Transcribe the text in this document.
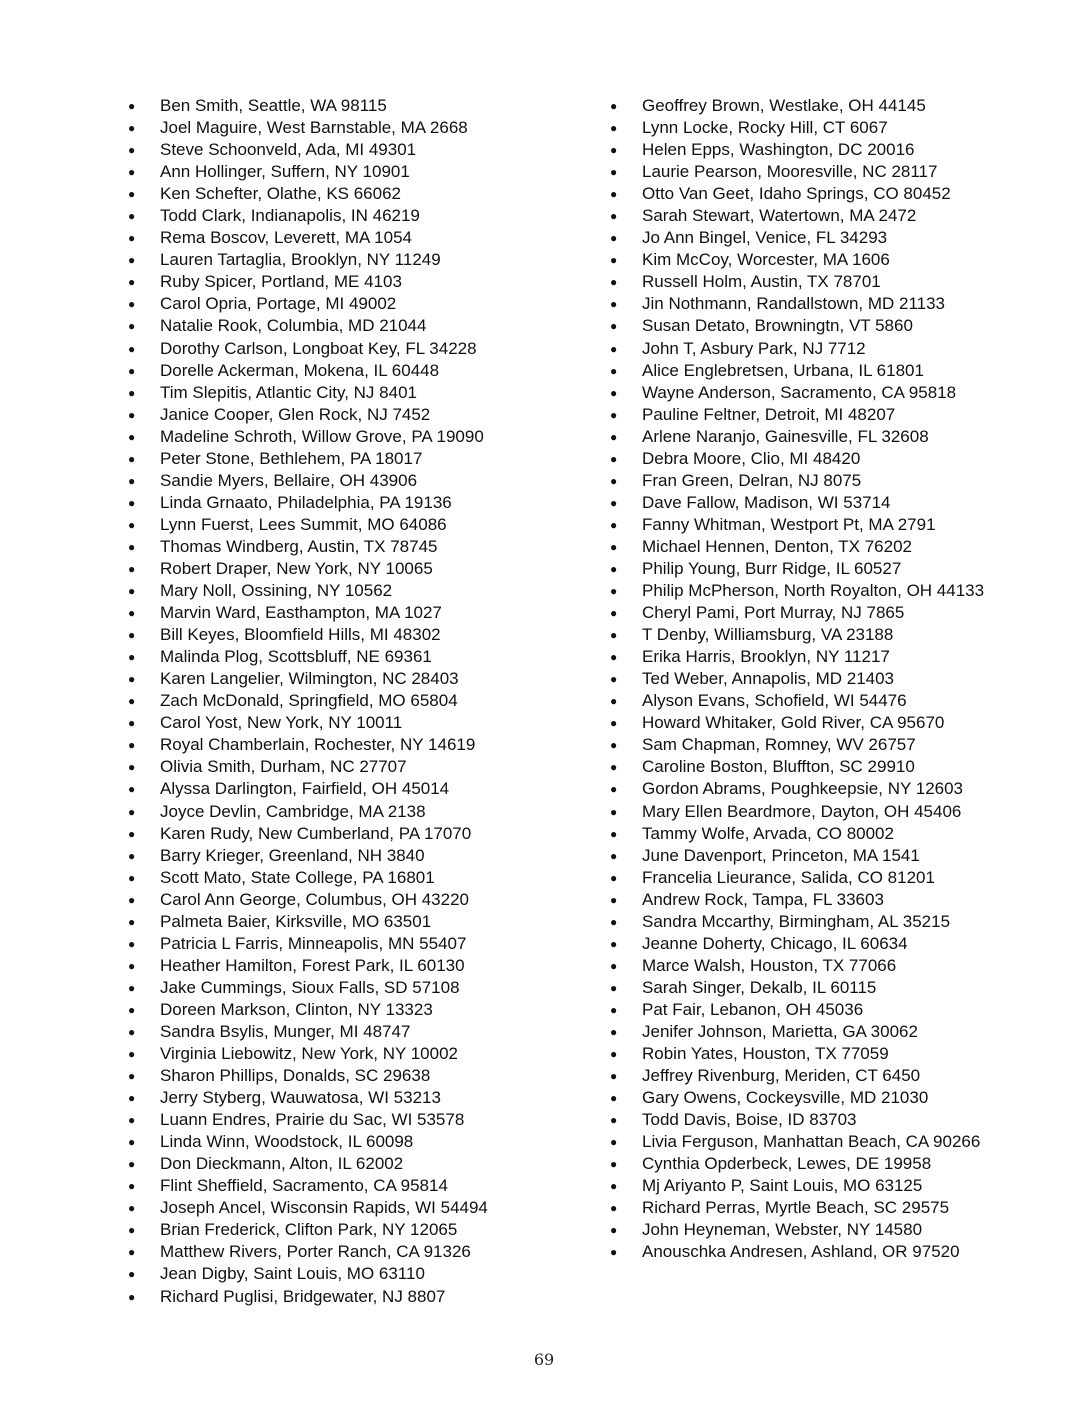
● Ben Smith, Seattle, WA 98115
● Joel Maguire, West Barnstable, MA 2668
● Steve Schoonveld, Ada, MI 49301
● Ann Hollinger, Suffern, NY 10901
● Ken Schefter, Olathe, KS 66062
● Todd Clark, Indianapolis, IN 46219
● Rema Boscov, Leverett, MA 1054
● Lauren Tartaglia, Brooklyn, NY 11249
● Ruby Spicer, Portland, ME 4103
● Carol Opria, Portage, MI 49002
● Natalie Rook, Columbia, MD 21044
● Dorothy Carlson, Longboat Key, FL 34228
● Dorelle Ackerman, Mokena, IL 60448
● Tim Slepitis, Atlantic City, NJ 8401
● Janice Cooper, Glen Rock, NJ 7452
● Madeline Schroth, Willow Grove, PA 19090
● Peter Stone, Bethlehem, PA 18017
● Sandie Myers, Bellaire, OH 43906
● Linda Grnaato, Philadelphia, PA 19136
● Lynn Fuerst, Lees Summit, MO 64086
● Thomas Windberg, Austin, TX 78745
● Robert Draper, New York, NY 10065
● Mary Noll, Ossining, NY 10562
● Marvin Ward, Easthampton, MA 1027
● Bill Keyes, Bloomfield Hills, MI 48302
● Malinda Plog, Scottsbluff, NE 69361
● Karen Langelier, Wilmington, NC 28403
● Zach McDonald, Springfield, MO 65804
● Carol Yost, New York, NY 10011
● Royal Chamberlain, Rochester, NY 14619
● Olivia Smith, Durham, NC 27707
● Alyssa Darlington, Fairfield, OH 45014
● Joyce Devlin, Cambridge, MA 2138
● Karen Rudy, New Cumberland, PA 17070
● Barry Krieger, Greenland, NH 3840
● Scott Mato, State College, PA 16801
● Carol Ann George, Columbus, OH 43220
● Palmeta Baier, Kirksville, MO 63501
● Patricia L Farris, Minneapolis, MN 55407
● Heather Hamilton, Forest Park, IL 60130
● Jake Cummings, Sioux Falls, SD 57108
● Doreen Markson, Clinton, NY 13323
● Sandra Bsylis, Munger, MI 48747
● Virginia Liebowitz, New York, NY 10002
● Sharon Phillips, Donalds, SC 29638
● Jerry Styberg, Wauwatosa, WI 53213
● Luann Endres, Prairie du Sac, WI 53578
● Linda Winn, Woodstock, IL 60098
● Don Dieckmann, Alton, IL 62002
● Flint Sheffield, Sacramento, CA 95814
● Joseph Ancel, Wisconsin Rapids, WI 54494
● Brian Frederick, Clifton Park, NY 12065
● Matthew Rivers, Porter Ranch, CA 91326
● Jean Digby, Saint Louis, MO 63110
● Richard Puglisi, Bridgewater, NJ 8807
● Geoffrey Brown, Westlake, OH 44145
● Lynn Locke, Rocky Hill, CT 6067
● Helen Epps, Washington, DC 20016
● Laurie Pearson, Mooresville, NC 28117
● Otto Van Geet, Idaho Springs, CO 80452
● Sarah Stewart, Watertown, MA 2472
● Jo Ann Bingel, Venice, FL 34293
● Kim McCoy, Worcester, MA 1606
● Russell Holm, Austin, TX 78701
● Jin Nothmann, Randallstown, MD 21133
● Susan Detato, Browningtn, VT 5860
● John T, Asbury Park, NJ 7712
● Alice Englebretsen, Urbana, IL 61801
● Wayne Anderson, Sacramento, CA 95818
● Pauline Feltner, Detroit, MI 48207
● Arlene Naranjo, Gainesville, FL 32608
● Debra Moore, Clio, MI 48420
● Fran Green, Delran, NJ 8075
● Dave Fallow, Madison, WI 53714
● Fanny Whitman, Westport Pt, MA 2791
● Michael Hennen, Denton, TX 76202
● Philip Young, Burr Ridge, IL 60527
● Philip McPherson, North Royalton, OH 44133
● Cheryl Pami, Port Murray, NJ 7865
● T Denby, Williamsburg, VA 23188
● Erika Harris, Brooklyn, NY 11217
● Ted Weber, Annapolis, MD 21403
● Alyson Evans, Schofield, WI 54476
● Howard Whitaker, Gold River, CA 95670
● Sam Chapman, Romney, WV 26757
● Caroline Boston, Bluffton, SC 29910
● Gordon Abrams, Poughkeepsie, NY 12603
● Mary Ellen Beardmore, Dayton, OH 45406
● Tammy Wolfe, Arvada, CO 80002
● June Davenport, Princeton, MA 1541
● Francelia Lieurance, Salida, CO 81201
● Andrew Rock, Tampa, FL 33603
● Sandra Mccarthy, Birmingham, AL 35215
● Jeanne Doherty, Chicago, IL 60634
● Marce Walsh, Houston, TX 77066
● Sarah Singer, Dekalb, IL 60115
● Pat Fair, Lebanon, OH 45036
● Jenifer Johnson, Marietta, GA 30062
● Robin Yates, Houston, TX 77059
● Jeffrey Rivenburg, Meriden, CT 6450
● Gary Owens, Cockeysville, MD 21030
● Todd Davis, Boise, ID 83703
● Livia Ferguson, Manhattan Beach, CA 90266
● Cynthia Opderbeck, Lewes, DE 19958
● Mj Ariyanto P, Saint Louis, MO 63125
● Richard Perras, Myrtle Beach, SC 29575
● John Heyneman, Webster, NY 14580
● Anouschka Andresen, Ashland, OR 97520
69
